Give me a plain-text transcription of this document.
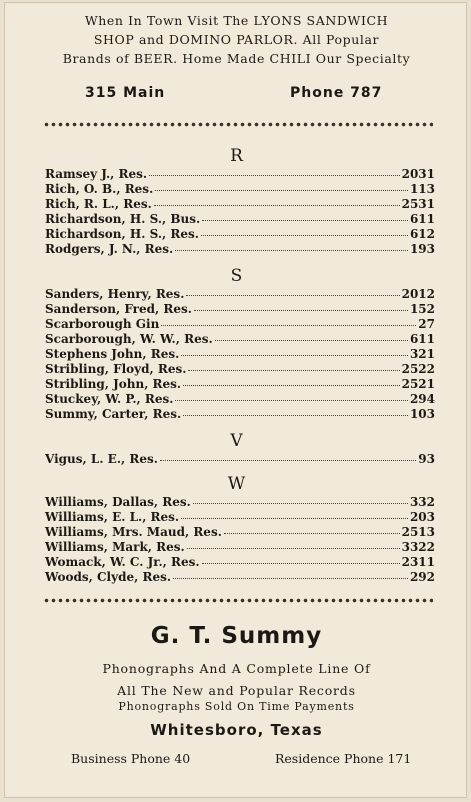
When In Town Visit The LYONS SANDWICH
SHOP and DOMINO PARLOR. All Popular
Brands of BEER. Home Made CHILI Our Specialty
315 Main	Phone 787
R
Ramsey J., Res.	2031
Rich, O. B., Res.	113
Rich, R. L., Res.	2531
Richardson, H. S., Bus.	611
Richardson, H. S., Res.	612
Rodgers, J. N., Res.	193
S
Sanders, Henry, Res.	2012
Sanderson, Fred, Res.	152
Scarborough Gin	27
Scarborough, W. W., Res.	611
Stephens John, Res.	321
Stribling, Floyd, Res.	2522
Stribling, John, Res.	2521
Stuckey, W. P., Res.	294
Summy, Carter, Res.	103
V
Vigus, L. E., Res.	93
W
Williams, Dallas, Res.	332
Williams, E. L., Res.	203
Williams, Mrs. Maud, Res.	2513
Williams, Mark, Res.	3322
Womack, W. C. Jr., Res.	2311
Woods, Clyde, Res.	292
G. T. Summy
Phonographs And A Complete Line Of
All The New and Popular Records
Phonographs Sold On Time Payments
Whitesboro, Texas
Business Phone 40	Residence Phone 171
